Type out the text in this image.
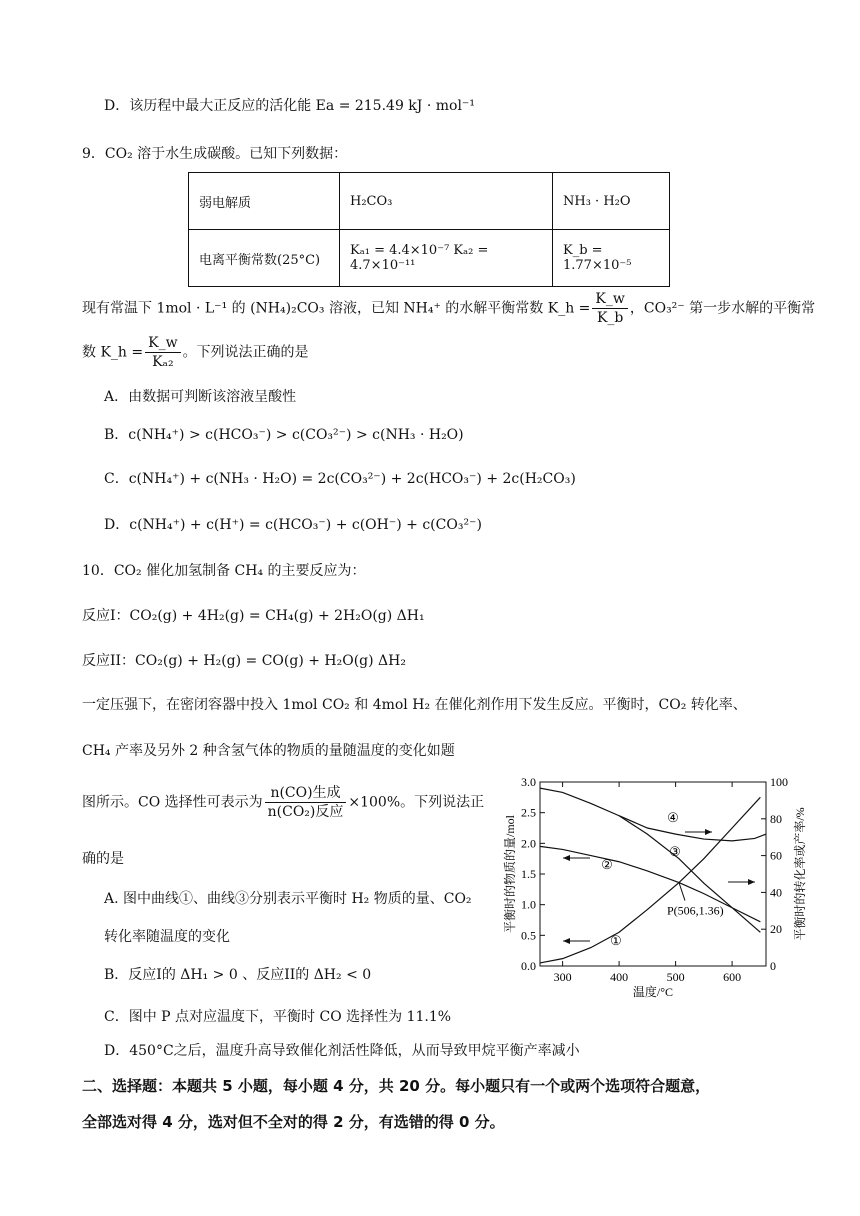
D．该历程中最大正反应的活化能 Ea = 215.49 kJ · mol⁻¹
9．CO₂ 溶于水生成碳酸。已知下列数据：
弱电解质	H₂CO₃	NH₃ · H₂O
电离平衡常数(25°C)	Kₐ₁ = 4.4×10⁻⁷ Kₐ₂ = 4.7×10⁻¹¹	K_b = 1.77×10⁻⁵
现有常温下 1mol · L⁻¹ 的 (NH₄)₂CO₃ 溶液，已知 NH₄⁺ 的水解平衡常数 K_h = $\frac{K\_w}{K\_b}$ ，CO₃²⁻ 第一步水解的平衡常
数 K_h = $\frac{K\_w}{\text{Kₐ₂}}$ 。下列说法正确的是
A．由数据可判断该溶液呈酸性
B．c(NH₄⁺) > c(HCO₃⁻) > c(CO₃²⁻) > c(NH₃ · H₂O)
C．c(NH₄⁺) + c(NH₃ · H₂O) = 2c(CO₃²⁻) + 2c(HCO₃⁻) + 2c(H₂CO₃)
D．c(NH₄⁺) + c(H⁺) = c(HCO₃⁻) + c(OH⁻) + c(CO₃²⁻)
10．CO₂ 催化加氢制备 CH₄ 的主要反应为：
反应I：CO₂(g) + 4H₂(g) = CH₄(g) + 2H₂O(g) ΔH₁
反应II：CO₂(g) + H₂(g) = CO(g) + H₂O(g) ΔH₂
一定压强下，在密闭容器中投入 1mol CO₂ 和 4mol H₂ 在催化剂作用下发生反应。平衡时，CO₂ 转化率、
CH₄ 产率及另外 2 种含氢气体的物质的量随温度的变化如题
图所示。CO 选择性可表示为 $\frac{\text{n(CO)生成}}{\text{n(CO₂)反应}} \times 100\%$。下列说法正
确的是
A. 图中曲线①、曲线③分别表示平衡时 H₂ 物质的量、CO₂
转化率随温度的变化
B．反应I的 ΔH₁ > 0 、反应II的 ΔH₂ < 0
C．图中 P 点对应温度下，平衡时 CO 选择性为 11.1%
D．450°C之后，温度升高导致催化剂活性降低，从而导致甲烷平衡产率减小
二、选择题：本题共 5 小题，每小题 4 分，共 20 分。每小题只有一个或两个选项符合题意，
全部选对得 4 分，选对但不全对的得 2 分，有选错的得 0 分。
300	400	500	600
0.0
0.5
1.0
1.5
2.0
2.5
3.0
0
20
40
60
80
100
温度/°C
平衡时的物质的量/mol	平衡时的转化率或产率/%
①
②
③
④
P(506,1.36)
